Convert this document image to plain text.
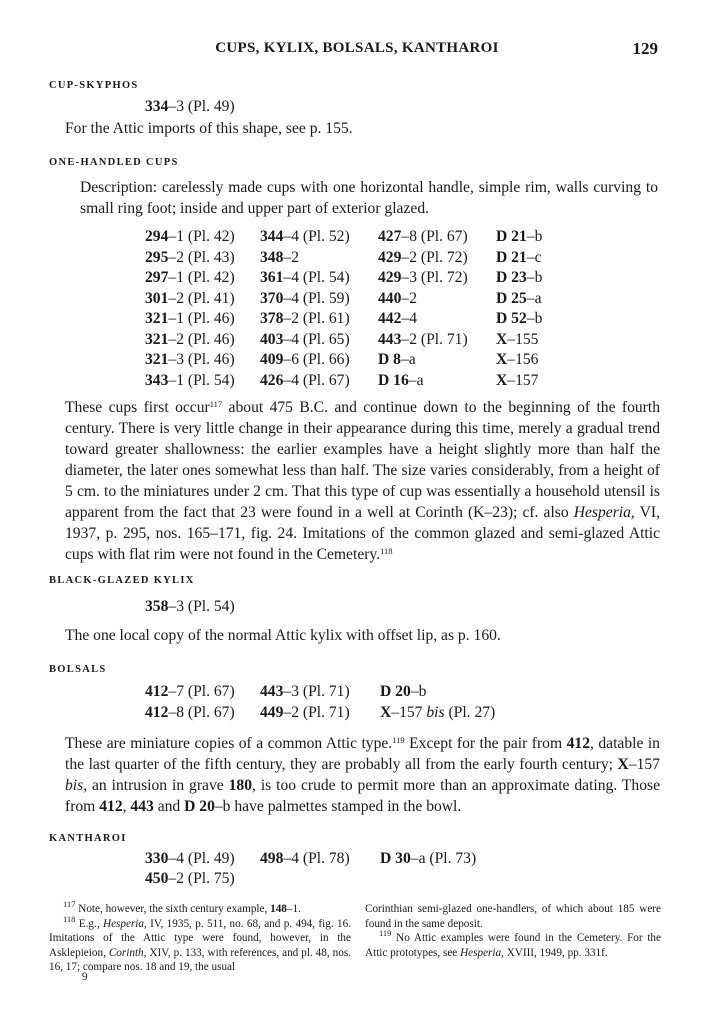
CUPS, KYLIX, BOLSALS, KANTHAROI	129
CUP-SKYPHOS
334–3 (Pl. 49)
For the Attic imports of this shape, see p. 155.
ONE-HANDLED CUPS
Description: carelessly made cups with one horizontal handle, simple rim, walls curving to small ring foot; inside and upper part of exterior glazed.
294–1 (Pl. 42)
295–2 (Pl. 43)
297–1 (Pl. 42)
301–2 (Pl. 41)
321–1 (Pl. 46)
321–2 (Pl. 46)
321–3 (Pl. 46)
343–1 (Pl. 54)
344–4 (Pl. 52)
348–2
361–4 (Pl. 54)
370–4 (Pl. 59)
378–2 (Pl. 61)
403–4 (Pl. 65)
409–6 (Pl. 66)
426–4 (Pl. 67)
427–8 (Pl. 67)
429–2 (Pl. 72)
429–3 (Pl. 72)
440–2
442–4
443–2 (Pl. 71)
D 8–a
D 16–a
D 21–b
D 21–c
D 23–b
D 25–a
D 52–b
X–155
X–156
X–157
These cups first occur$^{117}$ about 475 B.C. and continue down to the beginning of the fourth century. There is very little change in their appearance during this time, merely a gradual trend toward greater shallowness: the earlier examples have a height slightly more than half the diameter, the later ones somewhat less than half. The size varies considerably, from a height of 5 cm. to the miniatures under 2 cm. That this type of cup was essentially a household utensil is apparent from the fact that 23 were found in a well at Corinth (K–23); cf. also Hesperia, VI, 1937, p. 295, nos. 165–171, fig. 24. Imitations of the common glazed and semi-glazed Attic cups with flat rim were not found in the Cemetery.$^{118}$
BLACK-GLAZED KYLIX
358–3 (Pl. 54)
The one local copy of the normal Attic kylix with offset lip, as p. 160.
BOLSALS
412–7 (Pl. 67) 443–3 (Pl. 71) D 20–b
412–8 (Pl. 67) 449–2 (Pl. 71) X–157 bis (Pl. 27)
These are miniature copies of a common Attic type.$^{119}$ Except for the pair from 412, datable in the last quarter of the fifth century, they are probably all from the early fourth century; X–157 bis, an intrusion in grave 180, is too crude to permit more than an approximate dating. Those from 412, 443 and D 20–b have palmettes stamped in the bowl.
KANTHAROI
330–4 (Pl. 49) 498–4 (Pl. 78) D 30–a (Pl. 73)
450–2 (Pl. 75)
$^{117}$ Note, however, the sixth century example, 148–1.
$^{118}$ E.g., Hesperia, IV, 1935, p. 511, no. 68, and p. 494, fig. 16. Imitations of the Attic type were found, however, in the Asklepieion, Corinth, XIV, p. 133, with references, and pl. 48, nos. 16, 17; compare nos. 18 and 19, the usual
Corinthian semi-glazed one-handlers, of which about 185 were found in the same deposit.
$^{119}$ No Attic examples were found in the Cemetery. For the Attic prototypes, see Hesperia, XVIII, 1949, pp. 331f.
9
